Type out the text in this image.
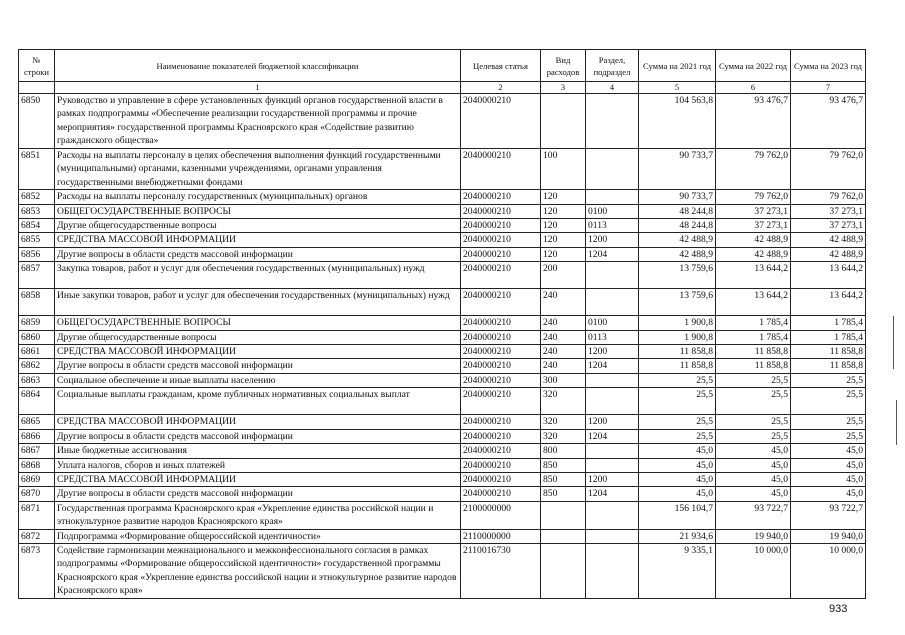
№ строки	Наименование показателей бюджетной классификации	Целевая статья	Вид расходов	Раздел, подраздел	Сумма на 2021 год	Сумма на 2022 год	Сумма на 2023 год
	1	2	3	4	5	6	7
6850	Руководство и управление в сфере установленных функций органов государственной власти в рамках подпрограммы «Обеспечение реализации государственной программы и прочие мероприятия» государственной программы Красноярского края «Содействие развитию гражданского общества»	2040000210			104 563,8	93 476,7	93 476,7
6851	Расходы на выплаты персоналу в целях обеспечения выполнения функций государственными (муниципальными) органами, казенными учреждениями, органами управления государственными внебюджетными фондами	2040000210	100		90 733,7	79 762,0	79 762,0
6852	Расходы на выплаты персоналу государственных (муниципальных) органов	2040000210	120		90 733,7	79 762,0	79 762,0
6853	ОБЩЕГОСУДАРСТВЕННЫЕ ВОПРОСЫ	2040000210	120	0100	48 244,8	37 273,1	37 273,1
6854	Другие общегосударственные вопросы	2040000210	120	0113	48 244,8	37 273,1	37 273,1
6855	СРЕДСТВА МАССОВОЙ ИНФОРМАЦИИ	2040000210	120	1200	42 488,9	42 488,9	42 488,9
6856	Другие вопросы в области средств массовой информации	2040000210	120	1204	42 488,9	42 488,9	42 488,9
6857	Закупка товаров, работ и услуг для обеспечения государственных (муниципальных) нужд	2040000210	200		13 759,6	13 644,2	13 644,2
6858	Иные закупки товаров, работ и услуг для обеспечения государственных (муниципальных) нужд	2040000210	240		13 759,6	13 644,2	13 644,2
6859	ОБЩЕГОСУДАРСТВЕННЫЕ ВОПРОСЫ	2040000210	240	0100	1 900,8	1 785,4	1 785,4
6860	Другие общегосударственные вопросы	2040000210	240	0113	1 900,8	1 785,4	1 785,4
6861	СРЕДСТВА МАССОВОЙ ИНФОРМАЦИИ	2040000210	240	1200	11 858,8	11 858,8	11 858,8
6862	Другие вопросы в области средств массовой информации	2040000210	240	1204	11 858,8	11 858,8	11 858,8
6863	Социальное обеспечение и иные выплаты населению	2040000210	300		25,5	25,5	25,5
6864	Социальные выплаты гражданам, кроме публичных нормативных социальных выплат	2040000210	320		25,5	25,5	25,5
6865	СРЕДСТВА МАССОВОЙ ИНФОРМАЦИИ	2040000210	320	1200	25,5	25,5	25,5
6866	Другие вопросы в области средств массовой информации	2040000210	320	1204	25,5	25,5	25,5
6867	Иные бюджетные ассигнования	2040000210	800		45,0	45,0	45,0
6868	Уплата налогов, сборов и иных платежей	2040000210	850		45,0	45,0	45,0
6869	СРЕДСТВА МАССОВОЙ ИНФОРМАЦИИ	2040000210	850	1200	45,0	45,0	45,0
6870	Другие вопросы в области средств массовой информации	2040000210	850	1204	45,0	45,0	45,0
6871	Государственная программа Красноярского края «Укрепление единства российской нации и этнокультурное развитие народов Красноярского края»	2100000000			156 104,7	93 722,7	93 722,7
6872	Подпрограмма «Формирование общероссийской идентичности»	2110000000			21 934,6	19 940,0	19 940,0
6873	Содействие гармонизации межнационального и межконфессионального согласия в рамках подпрограммы «Формирование общероссийской идентичности» государственной программы Красноярского края «Укрепление единства российской нации и этнокультурное развитие народов Красноярского края»	2110016730			9 335,1	10 000,0	10 000,0
933
